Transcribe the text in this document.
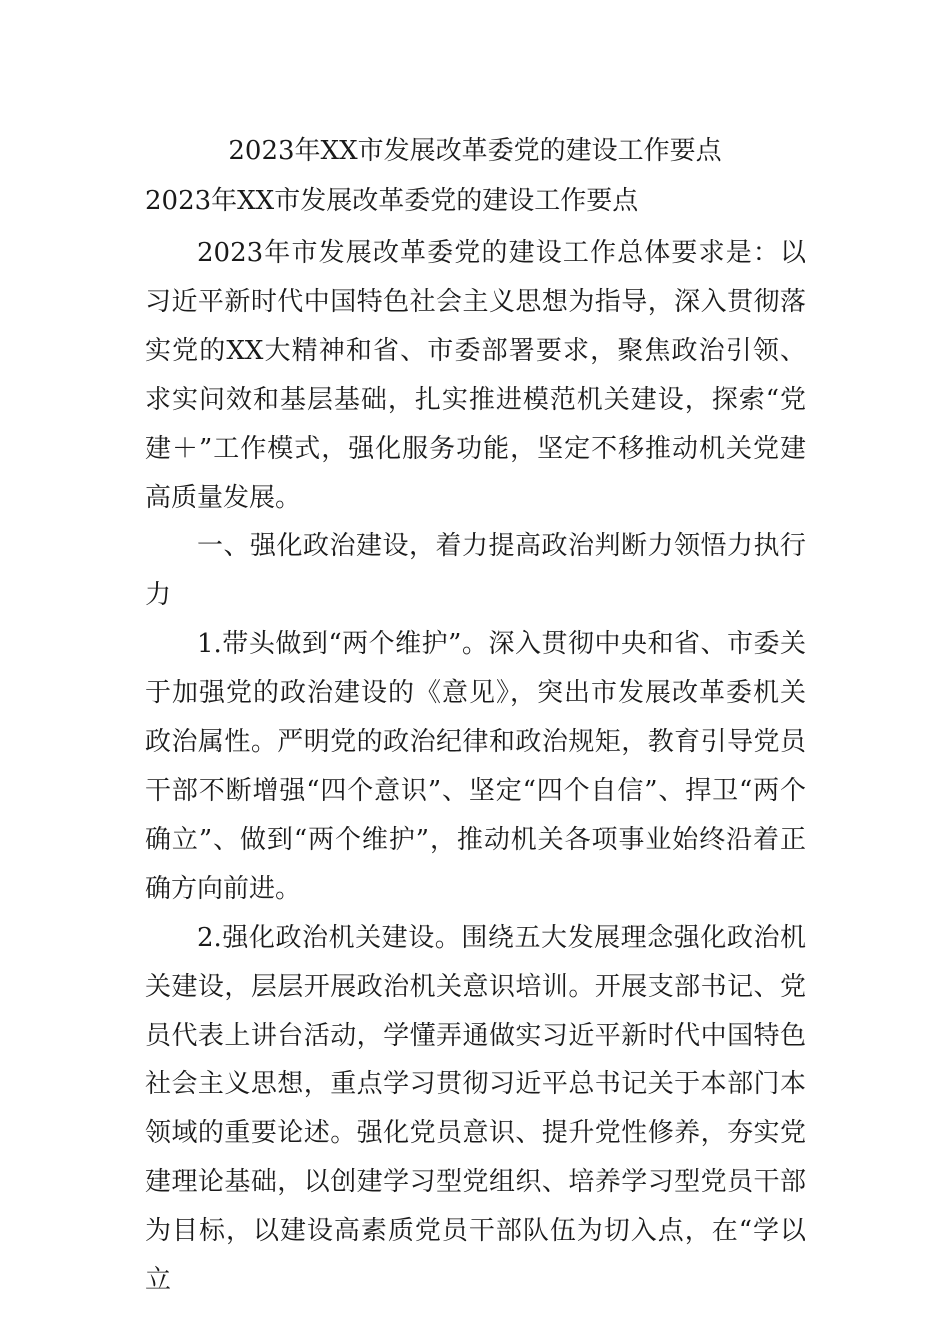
2023年XX市发展改革委党的建设工作要点
2023年XX市发展改革委党的建设工作要点

2023年市发展改革委党的建设工作总体要求是：以习近平新时代中国特色社会主义思想为指导，深入贯彻落实党的XX大精神和省、市委部署要求，聚焦政治引领、求实问效和基层基础，扎实推进模范机关建设，探索“党建＋”工作模式，强化服务功能，坚定不移推动机关党建高质量发展。

一、强化政治建设，着力提高政治判断力领悟力执行力

1.带头做到“两个维护”。深入贯彻中央和省、市委关于加强党的政治建设的《意见》，突出市发展改革委机关政治属性。严明党的政治纪律和政治规矩，教育引导党员干部不断增强“四个意识”、坚定“四个自信”、捍卫“两个确立”、做到“两个维护”，推动机关各项事业始终沿着正确方向前进。

2.强化政治机关建设。围绕五大发展理念强化政治机关建设，层层开展政治机关意识培训。开展支部书记、党员代表上讲台活动，学懂弄通做实习近平新时代中国特色社会主义思想，重点学习贯彻习近平总书记关于本部门本领域的重要论述。强化党员意识、提升党性修养，夯实党建理论基础，以创建学习型党组织、培养学习型党员干部为目标，以建设高素质党员干部队伍为切入点，在“学以立
